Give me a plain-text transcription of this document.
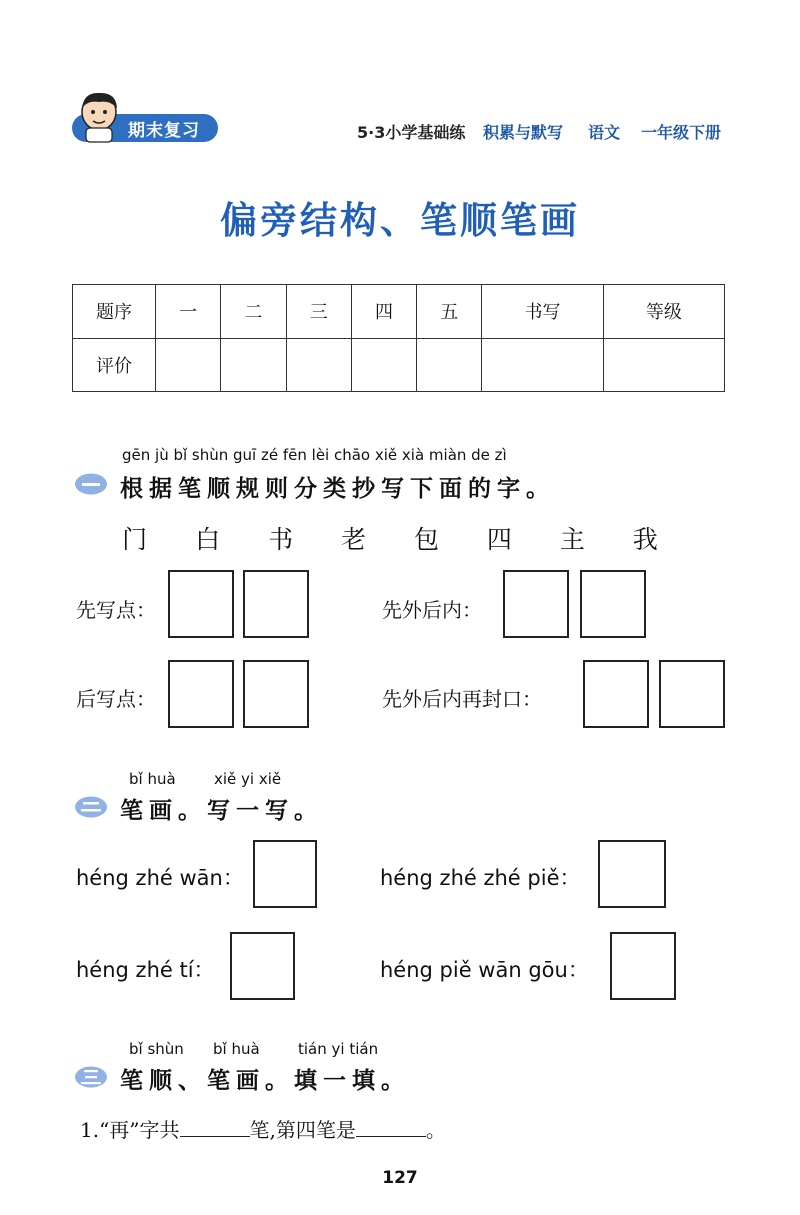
期末复习	5·3小学基础练 积累与默写 语文 一年级下册
偏旁结构、笔顺笔画
题序	一	二	三	四	五	书写	等级
评价							
gēn jù bǐ shùn guī zé fēn lèi chāo xiě xià miàn de zì
根据笔顺规则分类抄写下面的字。
门 白 书 老 包 四 主 我
先写点：	先外后内：
后写点：	先外后内再封口：
bǐ huà	xiě yi xiě
笔画。写一写。
héng zhé wān：	héng zhé zhé piě：
héng zhé tí：	héng piě wān gōu：
bǐ shùn bǐ huà	tián yi tián
笔顺、笔画。填一填。
1.“再”字共	笔,第四笔是	。
127
